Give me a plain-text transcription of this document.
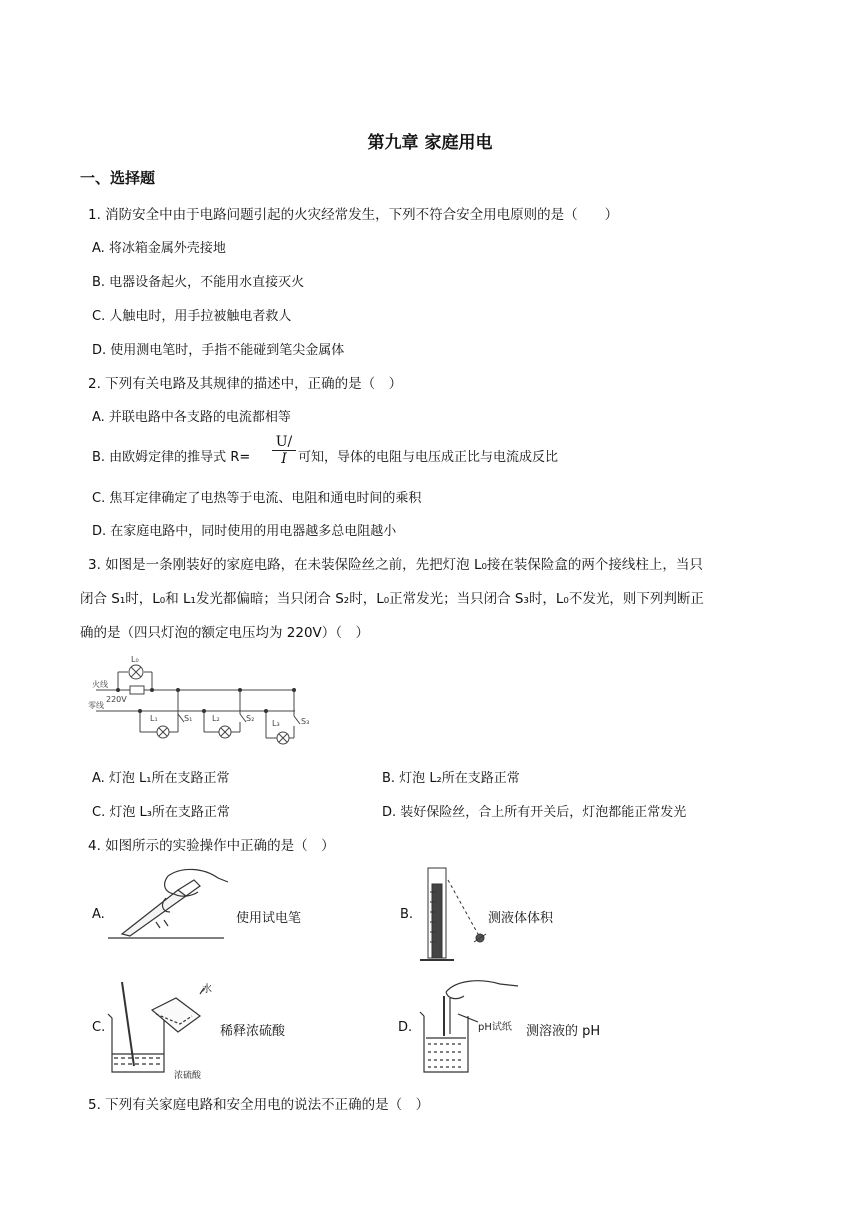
第九章 家庭用电
一、选择题
1. 消防安全中由于电路问题引起的火灾经常发生，下列不符合安全用电原则的是（　　）
A. 将冰箱金属外壳接地
B. 电器设备起火，不能用水直接灭火
C. 人触电时，用手拉被触电者救人
D. 使用测电笔时，手指不能碰到笔尖金属体
2. 下列有关电路及其规律的描述中，正确的是（　）
A. 并联电路中各支路的电流都相等
B. 由欧姆定律的推导式 $R= \frac{U/}{I}$ 可知，导体的电阻与电压成正比与电流成反比
C. 焦耳定律确定了电热等于电流、电阻和通电时间的乘积
D. 在家庭电路中，同时使用的用电器越多总电阻越小
3. 如图是一条刚装好的家庭电路，在未装保险丝之前，先把灯泡 L₀接在装保险盒的两个接线柱上，当只
闭合 S₁时，L₀和 L₁发光都偏暗；当只闭合 S₂时，L₀正常发光；当只闭合 S₃时，L₀不发光，则下列判断正
确的是（四只灯泡的额定电压均为 220V）（　）
火线
零线
220V
L₀
L₁	S₁ L₂	S₂
L₃	S₃
A. 灯泡 L₁所在支路正常	B. 灯泡 L₂所在支路正常
C. 灯泡 L₃所在支路正常	D. 装好保险丝，合上所有开关后，灯泡都能正常发光
4. 如图所示的实验操作中正确的是（　）
A.	使用试电笔	B.	测液体体积
C.
水
浓硫酸
稀释浓硫酸	D.	pH试纸 测溶液的 pH
5. 下列有关家庭电路和安全用电的说法不正确的是（　）
